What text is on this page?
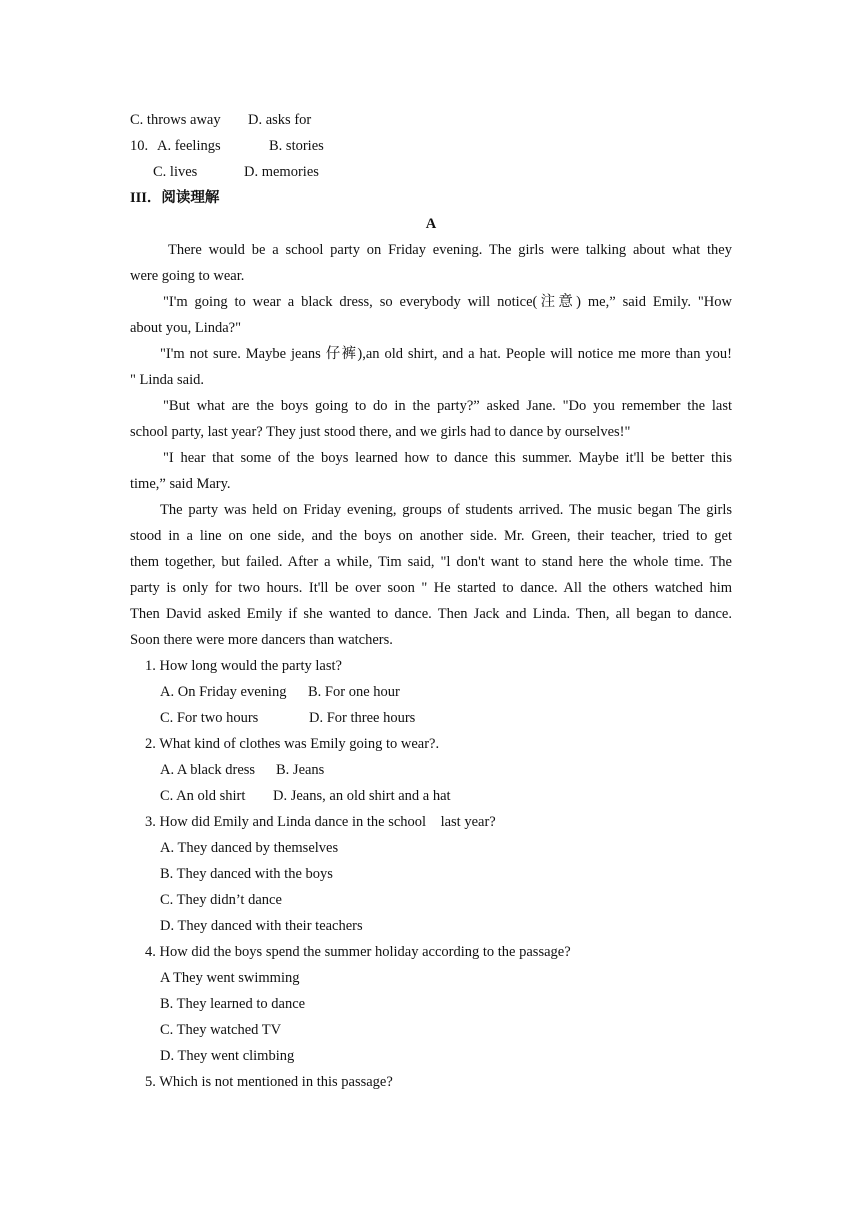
C. throws away D. asks for
10. A. feelings	B. stories
C. lives	D. memories
III．阅读理解
A
There would be a school party on Friday evening. The girls were talking about what they
were going to wear.
"I'm going to wear a black dress, so everybody will notice(注意) me,” said Emily. "How
about you, Linda?"
"I'm not sure. Maybe jeans 仔裤),an old shirt, and a hat. People will notice me more than you!
" Linda said.
"But what are the boys going to do in the party?” asked Jane. "Do you remember the last
school party, last year? They just stood there, and we girls had to dance by ourselves!"
"I hear that some of the boys learned how to dance this summer. Maybe it'll be better this
time,” said Mary.
The party was held on Friday evening, groups of students arrived. The music began The girls
stood in a line on one side, and the boys on another side. Mr. Green, their teacher, tried to get
them together, but failed. After a while, Tim said, "l don't want to stand here the whole time. The
party is only for two hours. It'll be over soon " He started to dance. All the others watched him
Then David asked Emily if she wanted to dance. Then Jack and Linda. Then, all began to dance.
Soon there were more dancers than watchers.
1. How long would the party last?
A. On Friday evening B. For one hour
C. For two hours	D. For three hours
2. What kind of clothes was Emily going to wear?.
A. A black dress B. Jeans
C. An old shirt D. Jeans, an old shirt and a hat
3. How did Emily and Linda dance in the school　last year?
A. They danced by themselves
B. They danced with the boys
C. They didn’t dance
D. They danced with their teachers
4. How did the boys spend the summer holiday according to the passage?
A They went swimming
B. They learned to dance
C. They watched TV
D. They went climbing
5. Which is not mentioned in this passage?
